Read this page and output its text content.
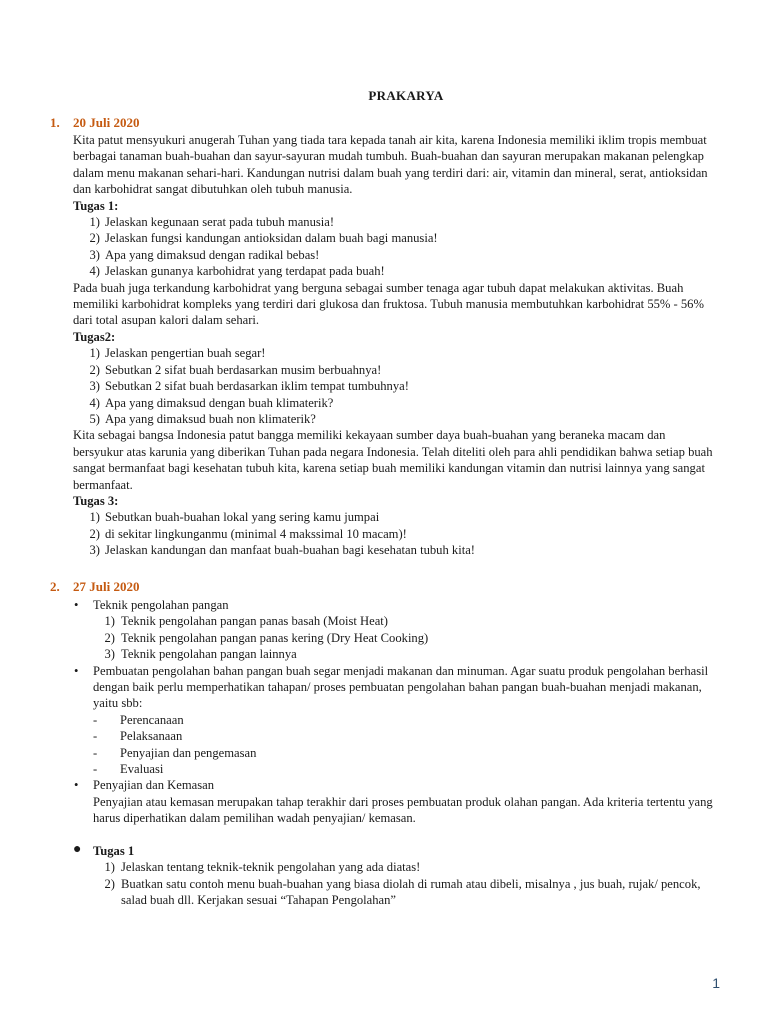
PRAKARYA
1. 20 Juli 2020

Kita patut mensyukuri anugerah Tuhan yang tiada tara kepada tanah air kita, karena Indonesia memiliki iklim tropis membuat berbagai tanaman buah-buahan dan sayur-sayuran mudah tumbuh. Buah-buahan dan sayuran merupakan makanan pelengkap dalam menu makanan sehari-hari. Kandungan nutrisi dalam buah yang terdiri dari: air, vitamin dan mineral, serat, antioksidan dan karbohidrat sangat dibutuhkan oleh tubuh manusia.

Tugas 1:

1) Jelaskan kegunaan serat pada tubuh manusia!
2) Jelaskan fungsi kandungan antioksidan dalam buah bagi manusia!
3) Apa yang dimaksud dengan radikal bebas!
4) Jelaskan gunanya karbohidrat yang terdapat pada buah!

Pada buah juga terkandung karbohidrat yang berguna sebagai sumber tenaga agar tubuh dapat melakukan aktivitas. Buah memiliki karbohidrat kompleks yang terdiri dari glukosa dan fruktosa. Tubuh manusia membutuhkan karbohidrat 55% - 56% dari total asupan kalori dalam sehari.

Tugas2:

1) Jelaskan pengertian buah segar!
2) Sebutkan 2 sifat buah berdasarkan musim berbuahnya!
3) Sebutkan 2 sifat buah berdasarkan iklim tempat tumbuhnya!
4) Apa yang dimaksud dengan buah klimaterik?
5) Apa yang dimaksud buah non klimaterik?

Kita sebagai bangsa Indonesia patut bangga memiliki kekayaan sumber daya buah-buahan yang beraneka macam dan bersyukur atas karunia yang diberikan Tuhan pada negara Indonesia. Telah diteliti oleh para ahli pendidikan bahwa setiap buah sangat bermanfaat bagi kesehatan tubuh kita, karena setiap buah memiliki kandungan vitamin dan nutrisi lainnya yang sangat bermanfaat.

Tugas 3:

1) Sebutkan buah-buahan lokal yang sering kamu jumpai
2) di sekitar lingkunganmu (minimal 4 makssimal 10 macam)!
3) Jelaskan kandungan dan manfaat buah-buahan bagi kesehatan tubuh kita!
2. 27 Juli 2020
• Teknik pengolahan pangan
1) Teknik pengolahan pangan panas basah (Moist Heat)
2) Teknik pengolahan pangan panas kering (Dry Heat Cooking)
3) Teknik pengolahan pangan lainnya
• Pembuatan pengolahan bahan pangan buah segar menjadi makanan dan minuman. Agar suatu produk pengolahan berhasil dengan baik perlu memperhatikan tahapan/ proses pembuatan pengolahan bahan pangan buah-buahan menjadi makanan, yaitu sbb:
-	Perencanaan
-	Pelaksanaan
-	Penyajian dan pengemasan
-	Evaluasi
• Penyajian dan Kemasan
Penyajian atau kemasan merupakan tahap terakhir dari proses pembuatan produk olahan pangan. Ada kriteria tertentu yang harus diperhatikan dalam pemilihan wadah penyajian/ kemasan.
● Tugas 1
1) Jelaskan tentang teknik-teknik pengolahan yang ada diatas!
2) Buatkan satu contoh menu buah-buahan yang biasa diolah di rumah atau dibeli, misalnya , jus buah, rujak/ pencok, salad buah dll. Kerjakan sesuai “Tahapan Pengolahan”
1
